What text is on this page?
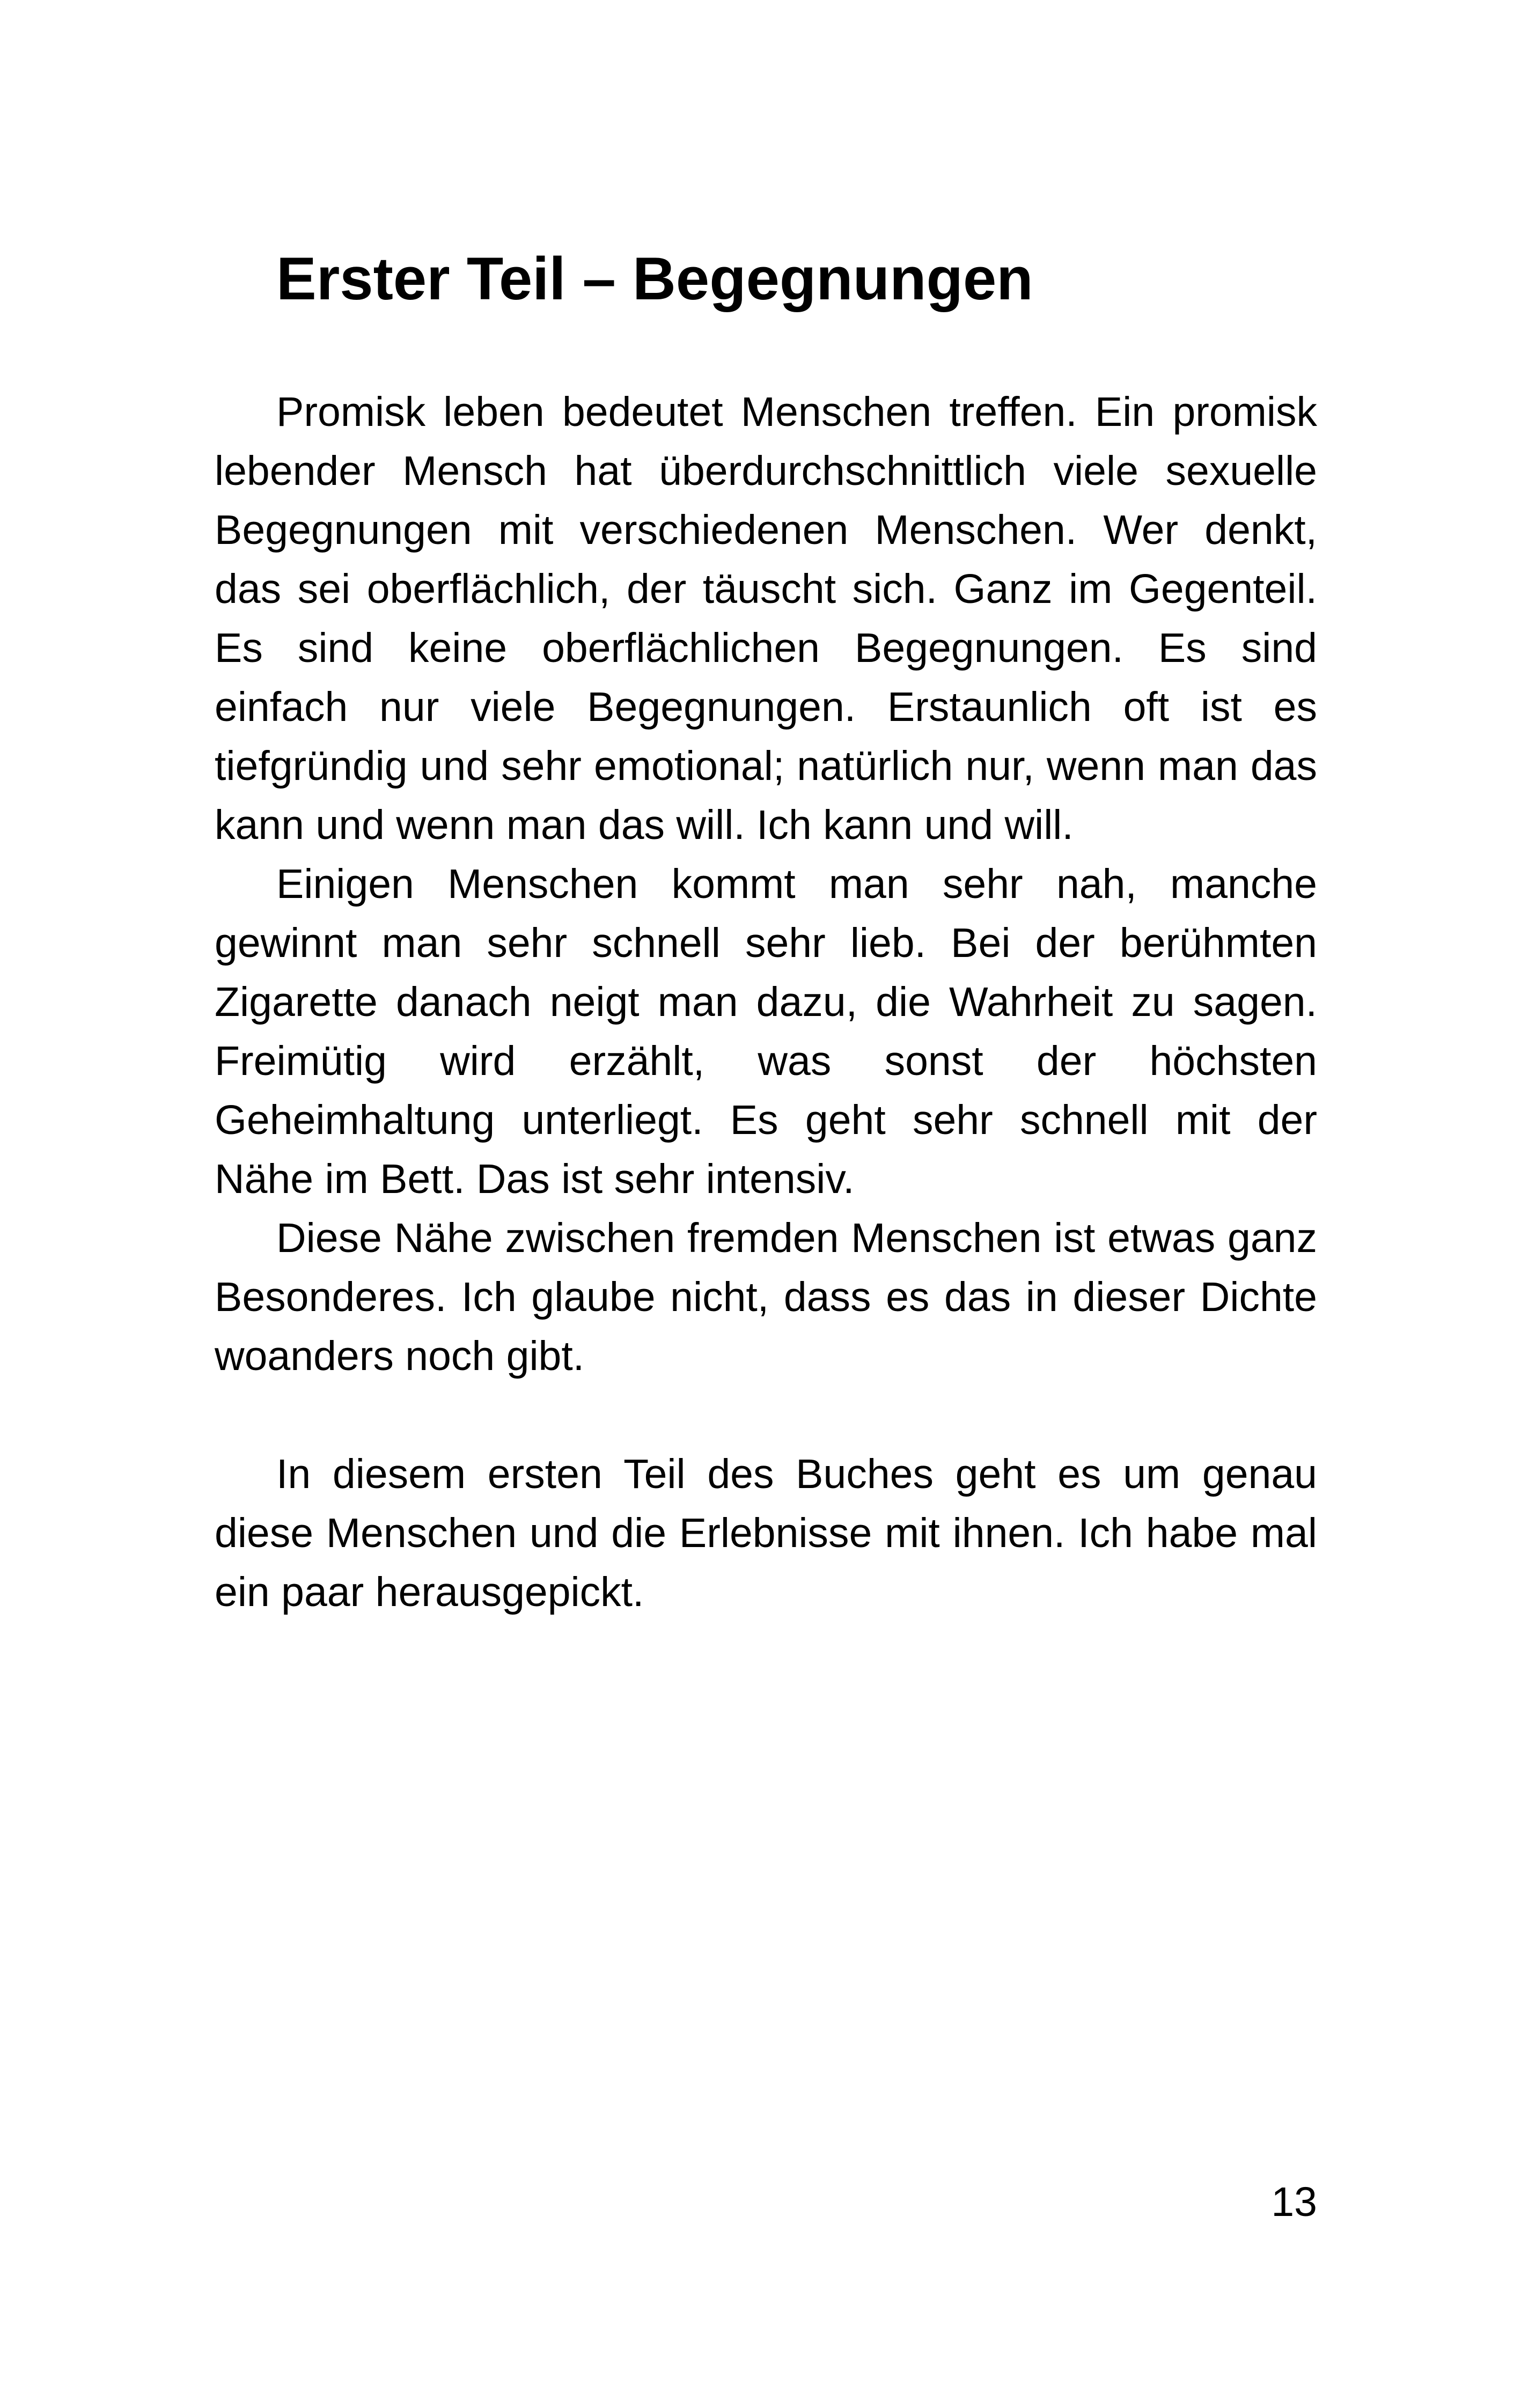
Erster Teil – Begegnungen

Promisk leben bedeutet Menschen treffen. Ein promisk lebender Mensch hat überdurchschnittlich viele sexuelle Begegnungen mit verschiedenen Menschen. Wer denkt, das sei oberflächlich, der täuscht sich. Ganz im Gegenteil. Es sind keine oberflächlichen Begegnungen. Es sind einfach nur viele Begegnungen. Erstaunlich oft ist es tiefgründig und sehr emotional; natürlich nur, wenn man das kann und wenn man das will. Ich kann und will.

Einigen Menschen kommt man sehr nah, manche gewinnt man sehr schnell sehr lieb. Bei der berühmten Zigarette danach neigt man dazu, die Wahrheit zu sagen. Freimütig wird erzählt, was sonst der höchsten Geheimhaltung unterliegt. Es geht sehr schnell mit der Nähe im Bett. Das ist sehr intensiv.

Diese Nähe zwischen fremden Menschen ist etwas ganz Besonderes. Ich glaube nicht, dass es das in dieser Dichte woanders noch gibt.

In diesem ersten Teil des Buches geht es um genau diese Menschen und die Erlebnisse mit ihnen. Ich habe mal ein paar herausgepickt.

13
